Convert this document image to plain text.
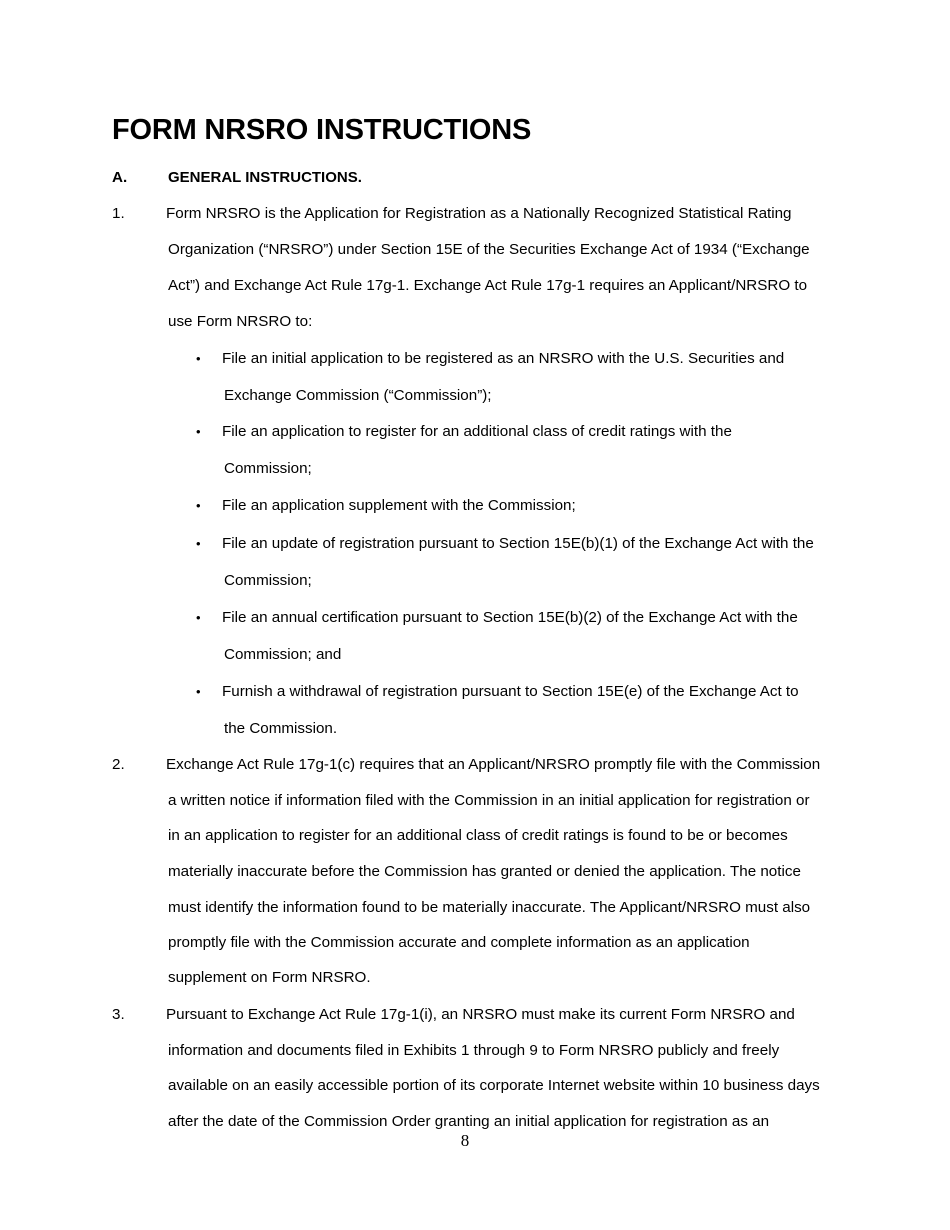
FORM NRSRO INSTRUCTIONS
A.	GENERAL INSTRUCTIONS.
1.	Form NRSRO is the Application for Registration as a Nationally Recognized Statistical Rating
Organization (“NRSRO”) under Section 15E of the Securities Exchange Act of 1934 (“Exchange
Act”) and Exchange Act Rule 17g-1. Exchange Act Rule 17g-1 requires an Applicant/NRSRO to
use Form NRSRO to:
• File an initial application to be registered as an NRSRO with the U.S. Securities and
Exchange Commission (“Commission”);
• File an application to register for an additional class of credit ratings with the
Commission;
• File an application supplement with the Commission;
• File an update of registration pursuant to Section 15E(b)(1) of the Exchange Act with the
Commission;
• File an annual certification pursuant to Section 15E(b)(2) of the Exchange Act with the
Commission; and
• Furnish a withdrawal of registration pursuant to Section 15E(e) of the Exchange Act to
the Commission.
2.	Exchange Act Rule 17g-1(c) requires that an Applicant/NRSRO promptly file with the Commission
a written notice if information filed with the Commission in an initial application for registration or
in an application to register for an additional class of credit ratings is found to be or becomes
materially inaccurate before the Commission has granted or denied the application. The notice
must identify the information found to be materially inaccurate. The Applicant/NRSRO must also
promptly file with the Commission accurate and complete information as an application
supplement on Form NRSRO.
3.	Pursuant to Exchange Act Rule 17g-1(i), an NRSRO must make its current Form NRSRO and
information and documents filed in Exhibits 1 through 9 to Form NRSRO publicly and freely
available on an easily accessible portion of its corporate Internet website within 10 business days
after the date of the Commission Order granting an initial application for registration as an
8
